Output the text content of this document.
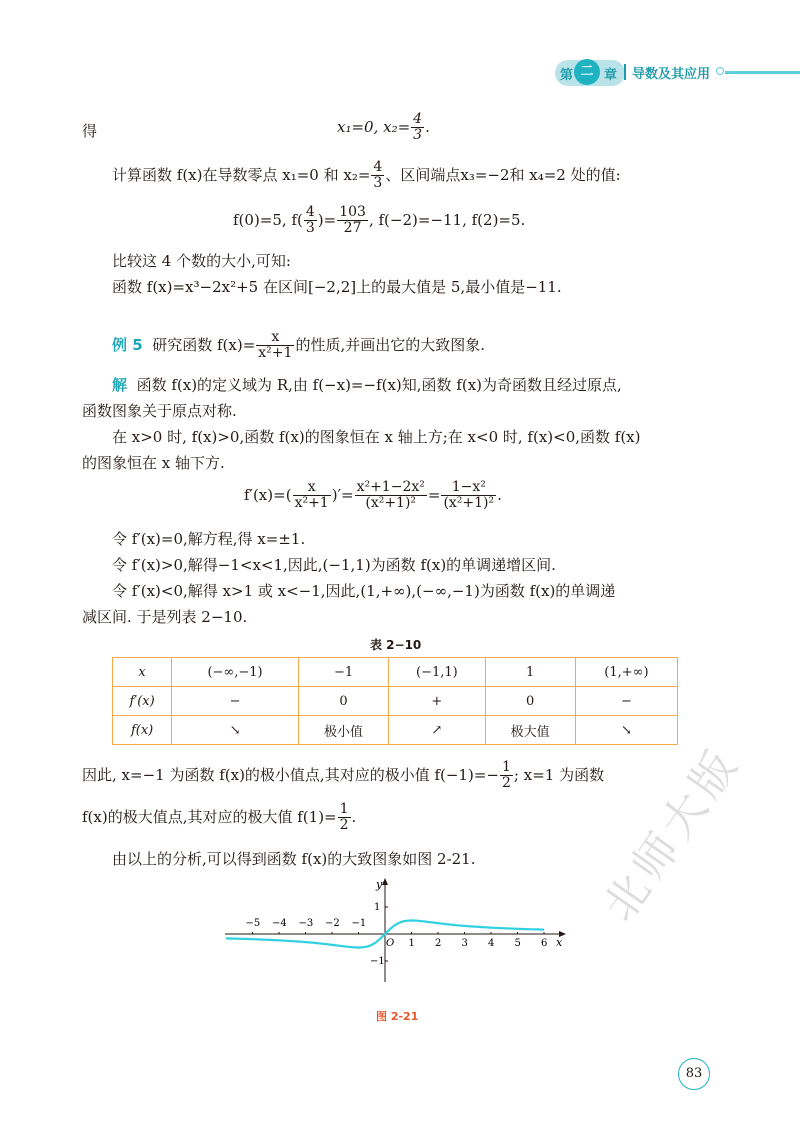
第 二 章 导数及其应用
得	x₁=0, $x_2= \frac{4}{3}$ .
计算函数 f(x)在导数零点 x₁=0 和 $x_2= \frac{4}{3}$ 、区间端点x₃=−2和 x₄=2 处的值:
f(0)=5, $f( \frac{4}{3}$ )= $\frac{103}{27}$ , f(−2)=−11, f(2)=5.
比较这 4 个数的大小,可知:
函数 f(x)=x³−2x²+5 在区间[−2,2]上的最大值是 5,最小值是−11.
例 5 研究函数 $f(x)= \frac{x}{\text{x²+1}}$ 的性质,并画出它的大致图象.
解 函数 f(x)的定义域为 R,由 f(−x)=−f(x)知,函数 f(x)为奇函数且经过原点,
函数图象关于原点对称.
在 x>0 时, f(x)>0,函数 f(x)的图象恒在 x 轴上方;在 x<0 时, f(x)<0,函数 f(x)
的图象恒在 x 轴下方.
$f'(x)=( \frac{x}{\text{x²+1}}$ )′= $\frac{\text{x²+1−2x²}}{\text{(x²+1)²}} = \frac{\text{1−x²}}{\text{(x²+1)²}}$ .
令 f′(x)=0,解方程,得 x=±1.
令 f′(x)>0,解得−1<x<1,因此,(−1,1)为函数 f(x)的单调递增区间.
令 f′(x)<0,解得 x>1 或 x<−1,因此,(1,+∞),(−∞,−1)为函数 f(x)的单调递
减区间. 于是列表 2−10.
表 2−10
x	(−∞,−1)	−1	(−1,1)	1	(1,+∞)
f′(x)	−	0	+	0	−
f(x)	↘	极小值	↗	极大值	↘
因此, x=−1 为函数 f(x)的极小值点,其对应的极小值 $f(-1)=- \frac{1}{2}$ ; x=1 为函数
f(x)的极大值点,其对应的极大值 $f(1)= \frac{1}{2}$ .
由以上的分析,可以得到函数 f(x)的大致图象如图 2-21.
−5 −4 −3 −2 −1
1 2 3 4 5 6
y
x
O
1
−1
图 2-21
83
北师大版
